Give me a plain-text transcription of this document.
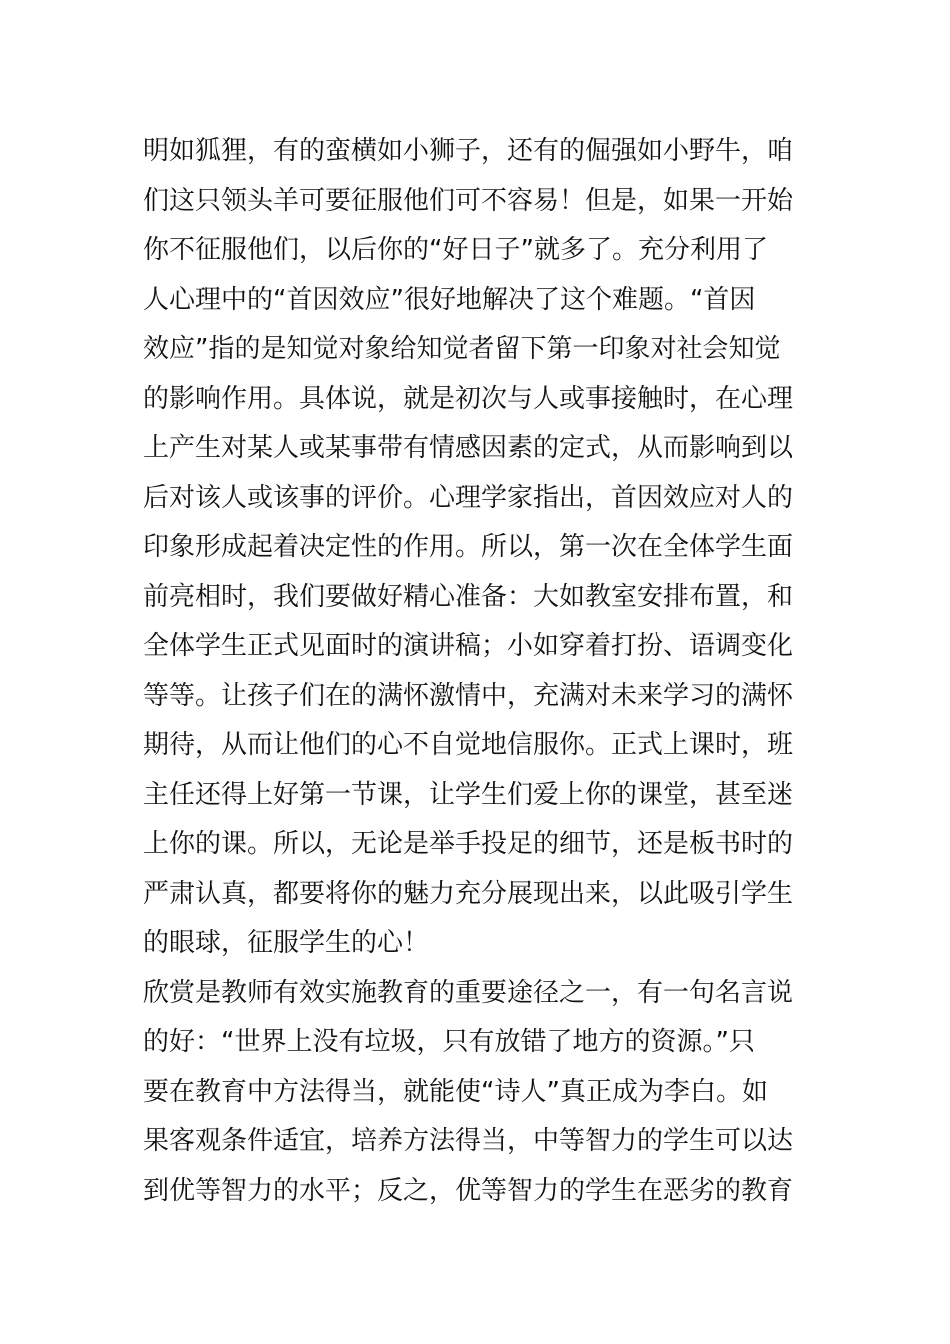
明如狐狸，有的蛮横如小狮子，还有的倔强如小野牛，咱
们这只领头羊可要征服他们可不容易！但是，如果一开始
你不征服他们，以后你的“好日子”就多了。充分利用了
人心理中的“首因效应”很好地解决了这个难题。“首因
效应”指的是知觉对象给知觉者留下第一印象对社会知觉
的影响作用。具体说，就是初次与人或事接触时，在心理
上产生对某人或某事带有情感因素的定式，从而影响到以
后对该人或该事的评价。心理学家指出，首因效应对人的
印象形成起着决定性的作用。所以，第一次在全体学生面
前亮相时，我们要做好精心准备：大如教室安排布置，和
全体学生正式见面时的演讲稿；小如穿着打扮、语调变化
等等。让孩子们在的满怀激情中，充满对未来学习的满怀
期待，从而让他们的心不自觉地信服你。正式上课时，班
主任还得上好第一节课，让学生们爱上你的课堂，甚至迷
上你的课。所以，无论是举手投足的细节，还是板书时的
严肃认真，都要将你的魅力充分展现出来，以此吸引学生
的眼球，征服学生的心！
欣赏是教师有效实施教育的重要途径之一，有一句名言说
的好：“世界上没有垃圾，只有放错了地方的资源。”只
要在教育中方法得当，就能使“诗人”真正成为李白。如
果客观条件适宜，培养方法得当，中等智力的学生可以达
到优等智力的水平；反之，优等智力的学生在恶劣的教育
